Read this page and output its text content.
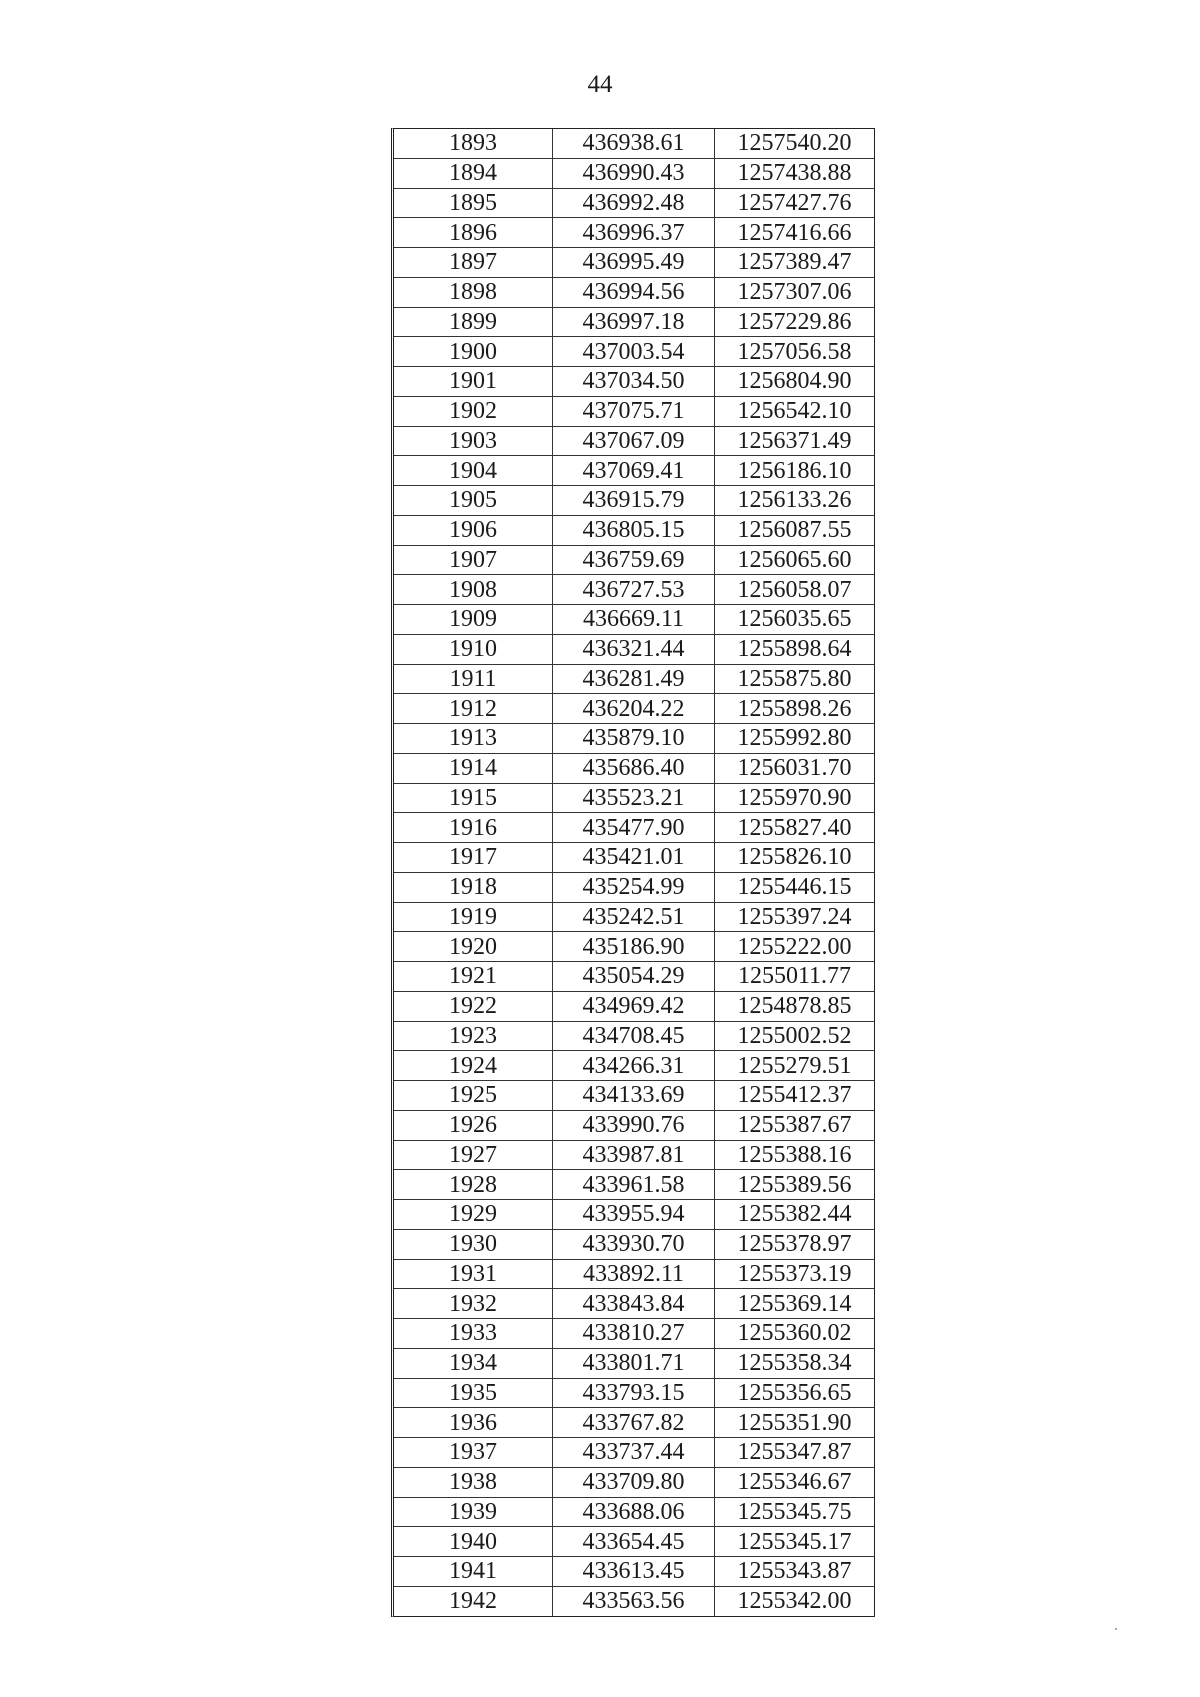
44
1893	436938.61	1257540.20
1894	436990.43	1257438.88
1895	436992.48	1257427.76
1896	436996.37	1257416.66
1897	436995.49	1257389.47
1898	436994.56	1257307.06
1899	436997.18	1257229.86
1900	437003.54	1257056.58
1901	437034.50	1256804.90
1902	437075.71	1256542.10
1903	437067.09	1256371.49
1904	437069.41	1256186.10
1905	436915.79	1256133.26
1906	436805.15	1256087.55
1907	436759.69	1256065.60
1908	436727.53	1256058.07
1909	436669.11	1256035.65
1910	436321.44	1255898.64
1911	436281.49	1255875.80
1912	436204.22	1255898.26
1913	435879.10	1255992.80
1914	435686.40	1256031.70
1915	435523.21	1255970.90
1916	435477.90	1255827.40
1917	435421.01	1255826.10
1918	435254.99	1255446.15
1919	435242.51	1255397.24
1920	435186.90	1255222.00
1921	435054.29	1255011.77
1922	434969.42	1254878.85
1923	434708.45	1255002.52
1924	434266.31	1255279.51
1925	434133.69	1255412.37
1926	433990.76	1255387.67
1927	433987.81	1255388.16
1928	433961.58	1255389.56
1929	433955.94	1255382.44
1930	433930.70	1255378.97
1931	433892.11	1255373.19
1932	433843.84	1255369.14
1933	433810.27	1255360.02
1934	433801.71	1255358.34
1935	433793.15	1255356.65
1936	433767.82	1255351.90
1937	433737.44	1255347.87
1938	433709.80	1255346.67
1939	433688.06	1255345.75
1940	433654.45	1255345.17
1941	433613.45	1255343.87
1942	433563.56	1255342.00
